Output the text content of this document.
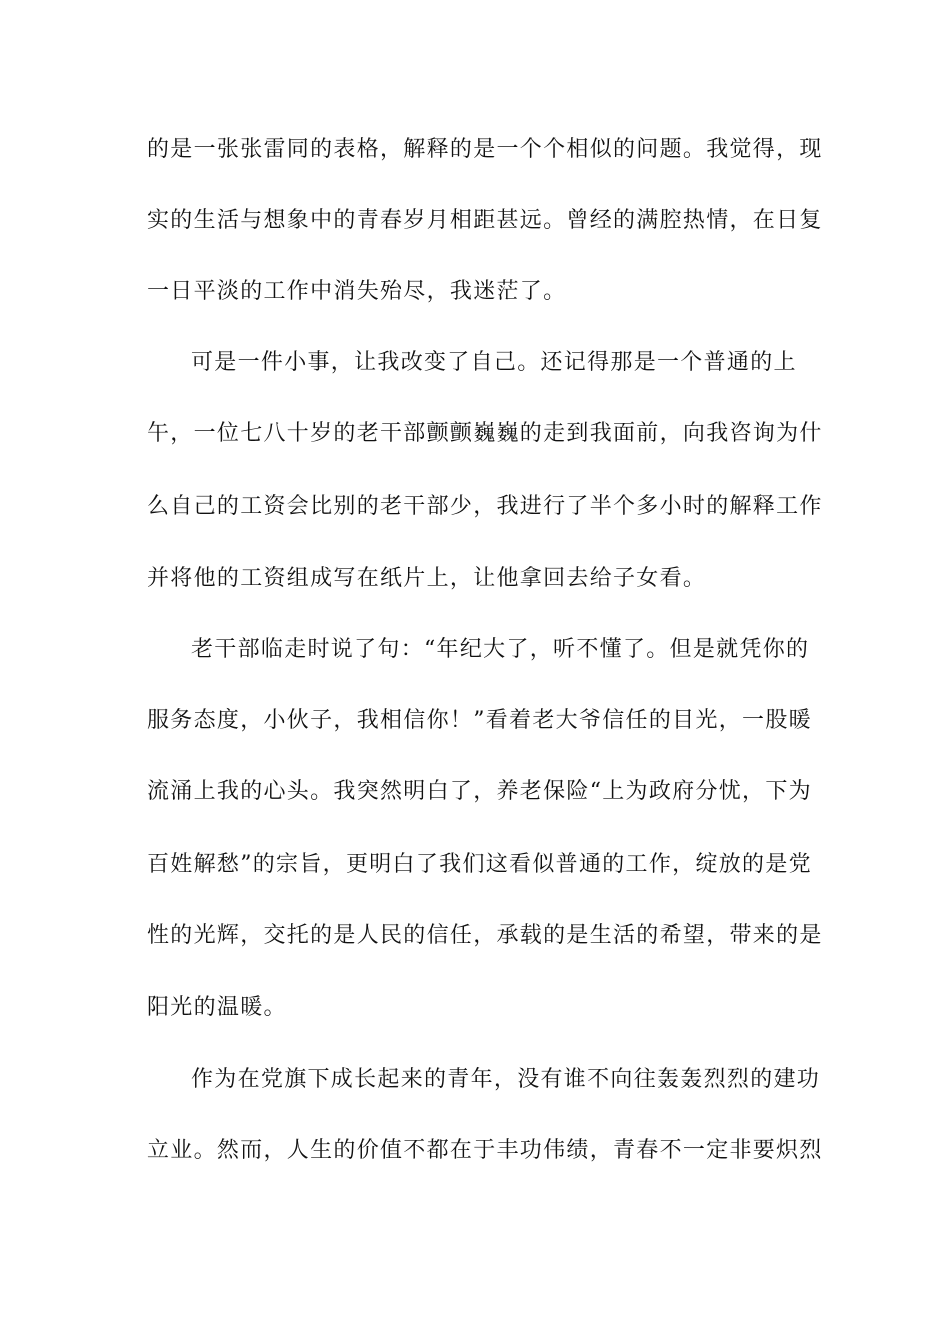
的是一张张雷同的表格，解释的是一个个相似的问题。我觉得，现
实的生活与想象中的青春岁月相距甚远。曾经的满腔热情，在日复
一日平淡的工作中消失殆尽，我迷茫了。
可是一件小事，让我改变了自己。还记得那是一个普通的上
午，一位七八十岁的老干部颤颤巍巍的走到我面前，向我咨询为什
么自己的工资会比别的老干部少，我进行了半个多小时的解释工作
并将他的工资组成写在纸片上，让他拿回去给子女看。
老干部临走时说了句：“年纪大了，听不懂了。但是就凭你的
服务态度，小伙子，我相信你！”看着老大爷信任的目光，一股暖
流涌上我的心头。我突然明白了，养老保险“上为政府分忧，下为
百姓解愁”的宗旨，更明白了我们这看似普通的工作，绽放的是党
性的光辉，交托的是人民的信任，承载的是生活的希望，带来的是
阳光的温暖。
作为在党旗下成长起来的青年，没有谁不向往轰轰烈烈的建功
立业。然而，人生的价值不都在于丰功伟绩，青春不一定非要炽烈
